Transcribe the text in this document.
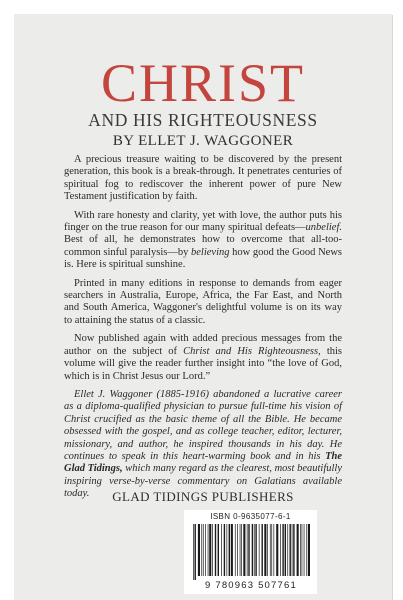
CHRIST
AND HIS RIGHTEOUSNESS
BY ELLET J. WAGGONER

A precious treasure waiting to be discovered by the present generation, this book is a break-through. It penetrates centuries of spiritual fog to rediscover the inherent power of pure New Testament justification by faith.

With rare honesty and clarity, yet with love, the author puts his finger on the true reason for our many spiritual defeats—unbelief. Best of all, he demonstrates how to overcome that all-too-common sinful paralysis—by believing how good the Good News is. Here is spiritual sunshine.

Printed in many editions in response to demands from eager searchers in Australia, Europe, Africa, the Far East, and North and South America, Waggoner's delightful volume is on its way to attaining the status of a classic.

Now published again with added precious messages from the author on the subject of Christ and His Righteousness, this volume will give the reader further insight into “the love of God, which is in Christ Jesus our Lord.”

Ellet J. Waggoner (1885-1916) abandoned a lucrative career as a diploma-qualified physician to pursue full-time his vision of Christ crucified as the basic theme of all the Bible. He became obsessed with the gospel, and as college teacher, editor, lecturer, missionary, and author, he inspired thousands in his day. He continues to speak in this heart-warming book and in his The Glad Tidings, which many regard as the clearest, most beautifully inspiring verse-by-verse commentary on Galatians available today.	GLAD TIDINGS PUBLISHERS
ISBN 0-9635077-6-1
9 780963 507761
